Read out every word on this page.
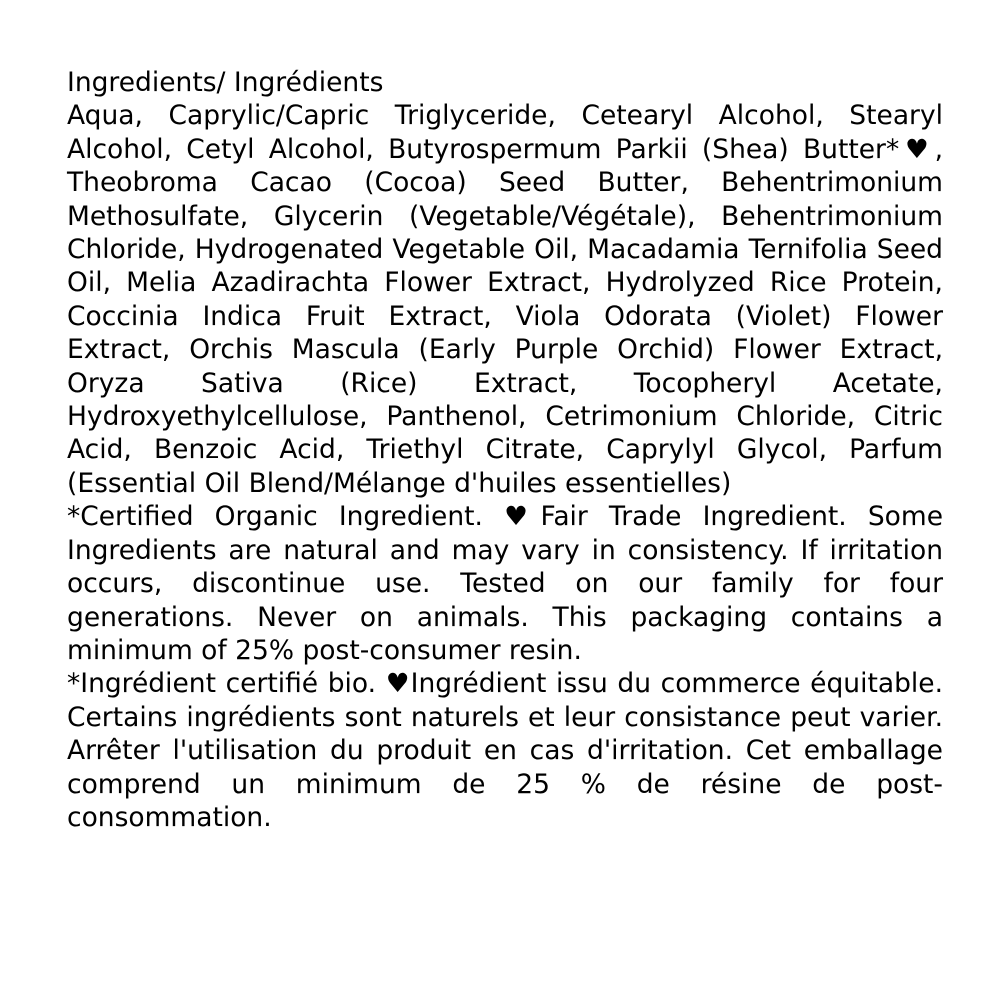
Ingredients/ Ingrédients

Aqua, Caprylic/Capric Triglyceride, Cetearyl Alcohol, Stearyl Alcohol, Cetyl Alcohol, Butyrospermum Parkii (Shea) Butter*♥, Theobroma Cacao (Cocoa) Seed Butter, Behentrimonium Methosulfate, Glycerin (Vegetable/Végétale), Behentrimonium Chloride, Hydrogenated Vegetable Oil, Macadamia Ternifolia Seed Oil, Melia Azadirachta Flower Extract, Hydrolyzed Rice Protein, Coccinia Indica Fruit Extract, Viola Odorata (Violet) Flower Extract, Orchis Mascula (Early Purple Orchid) Flower Extract, Oryza Sativa (Rice) Extract, Tocopheryl Acetate, Hydroxyethylcellulose, Panthenol, Cetrimonium Chloride, Citric Acid, Benzoic Acid, Triethyl Citrate, Caprylyl Glycol, Parfum (Essential Oil Blend/Mélange d'huiles essentielles)

*Certified Organic Ingredient. ♥Fair Trade Ingredient. Some Ingredients are natural and may vary in consistency. If irritation occurs, discontinue use. Tested on our family for four generations. Never on animals. This packaging contains a minimum of 25% post-consumer resin.

*Ingrédient certifié bio. ♥Ingrédient issu du commerce équitable. Certains ingrédients sont naturels et leur consistance peut varier. Arrêter l'utilisation du produit en cas d'irritation. Cet emballage comprend un minimum de 25 % de résine de post-consommation.
